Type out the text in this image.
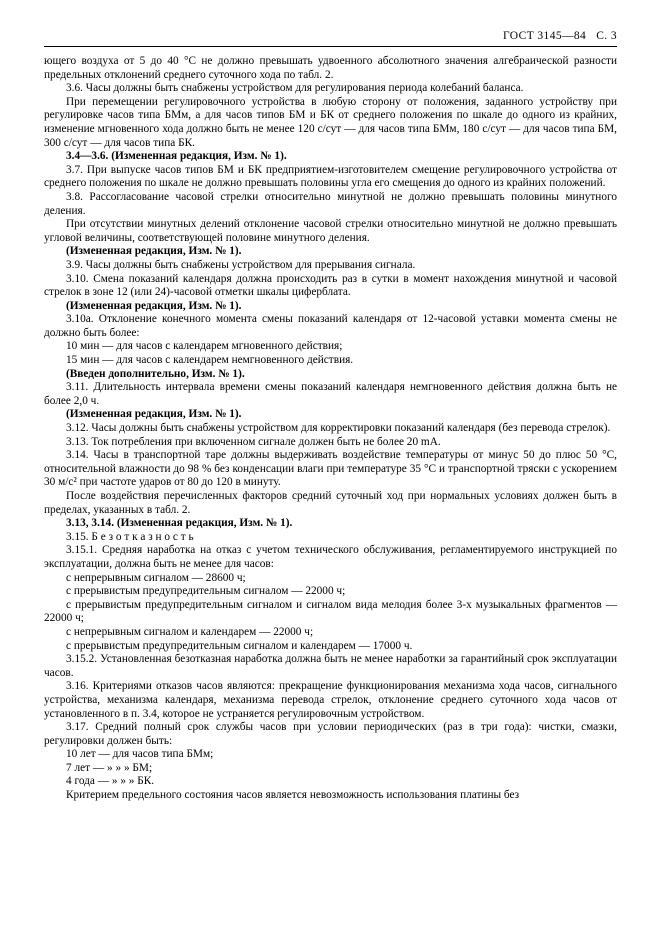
ГОСТ 3145—84 С. 3

ющего воздуха от 5 до 40 °C не должно превышать удвоенного абсолютного значения алгебраической разности предельных отклонений среднего суточного хода по табл. 2.

3.6. Часы должны быть снабжены устройством для регулирования периода колебаний баланса.

При перемещении регулировочного устройства в любую сторону от положения, заданного устройству при регулировке часов типа БМм, а для часов типов БМ и БК от среднего положения по шкале до одного из крайних, изменение мгновенного хода должно быть не менее 120 с/сут — для часов типа БМм, 180 с/сут — для часов типа БМ, 300 с/сут — для часов типа БК.

3.4—3.6. (Измененная редакция, Изм. № 1).

3.7. При выпуске часов типов БМ и БК предприятием-изготовителем смещение регулировочного устройства от среднего положения по шкале не должно превышать половины угла его смещения до одного из крайних положений.

3.8. Рассогласование часовой стрелки относительно минутной не должно превышать половины минутного деления.

При отсутствии минутных делений отклонение часовой стрелки относительно минутной не должно превышать угловой величины, соответствующей половине минутного деления.

(Измененная редакция, Изм. № 1).

3.9. Часы должны быть снабжены устройством для прерывания сигнала.

3.10. Смена показаний календаря должна происходить раз в сутки в момент нахождения минутной и часовой стрелок в зоне 12 (или 24)-часовой отметки шкалы циферблата.

(Измененная редакция, Изм. № 1).

3.10а. Отклонение конечного момента смены показаний календаря от 12-часовой уставки момента смены не должно быть более:

10 мин — для часов с календарем мгновенного действия;

15 мин — для часов с календарем немгновенного действия.

(Введен дополнительно, Изм. № 1).

3.11. Длительность интервала времени смены показаний календаря немгновенного действия должна быть не более 2,0 ч.

(Измененная редакция, Изм. № 1).

3.12. Часы должны быть снабжены устройством для корректировки показаний календаря (без перевода стрелок).

3.13. Ток потребления при включенном сигнале должен быть не более 20 mA.

3.14. Часы в транспортной таре должны выдерживать воздействие температуры от минус 50 до плюс 50 °C, относительной влажности до 98 % без конденсации влаги при температуре 35 °C и транспортной тряски с ускорением 30 м/с² при частоте ударов от 80 до 120 в минуту.

После воздействия перечисленных факторов средний суточный ход при нормальных условиях должен быть в пределах, указанных в табл. 2.

3.13, 3.14. (Измененная редакция, Изм. № 1).

3.15. Б е з о т к а з н о с т ь

3.15.1. Средняя наработка на отказ с учетом технического обслуживания, регламентируемого инструкцией по эксплуатации, должна быть не менее для часов:

с непрерывным сигналом — 28600 ч;

с прерывистым предупредительным сигналом — 22000 ч;

с прерывистым предупредительным сигналом и сигналом вида мелодия более 3-х музыкальных фрагментов — 22000 ч;

с непрерывным сигналом и календарем — 22000 ч;

с прерывистым предупредительным сигналом и календарем — 17000 ч.

3.15.2. Установленная безотказная наработка должна быть не менее наработки за гарантийный срок эксплуатации часов.

3.16. Критериями отказов часов являются: прекращение функционирования механизма хода часов, сигнального устройства, механизма календаря, механизма перевода стрелок, отклонение среднего суточного хода часов от установленного в п. 3.4, которое не устраняется регулировочным устройством.

3.17. Средний полный срок службы часов при условии периодических (раз в три года): чистки, смазки, регулировки должен быть:

10 лет — для часов типа БМм;

7 лет — » » » БМ;

4 года — » » » БК.

Критерием предельного состояния часов является невозможность использования платины без
